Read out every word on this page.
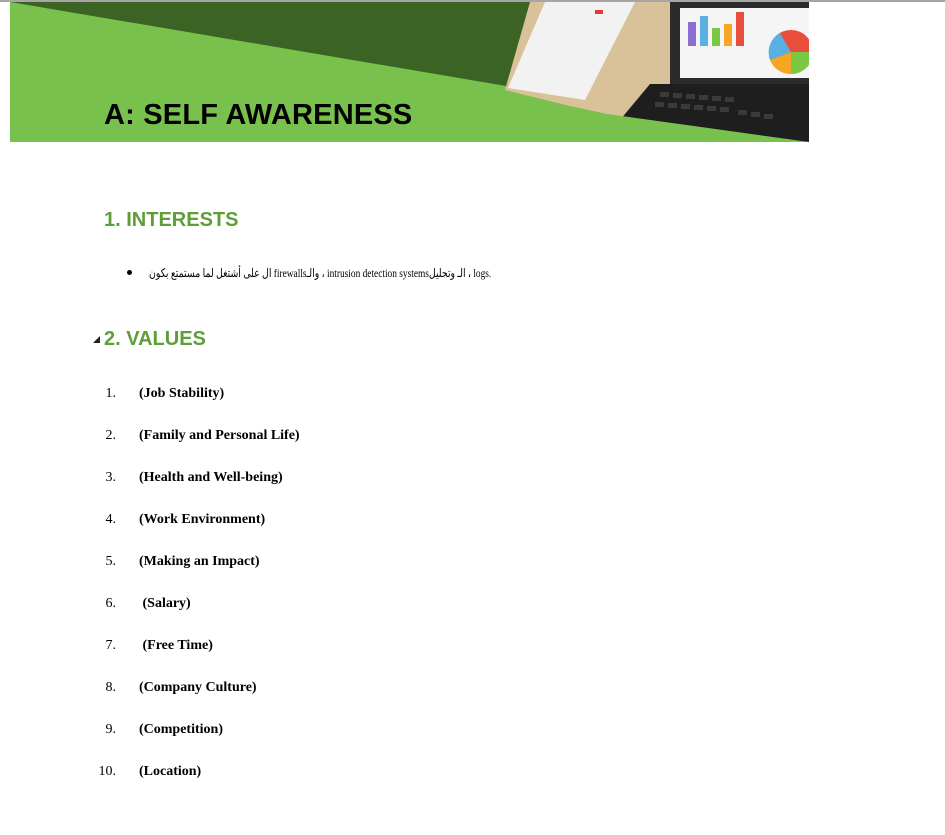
A: SELF AWARENESS
1. INTERESTS
ال على أشتغل لما مستمتع بكون firewallsوالـ ، intrusion detection systemsالـ وتحليل ، logs.
2. VALUES
1. (Job Stability)
2. (Family and Personal Life)
3. (Health and Well-being)
4. (Work Environment)
5. (Making an Impact)
6. (Salary)
7. (Free Time)
8. (Company Culture)
9. (Competition)
10. (Location)
